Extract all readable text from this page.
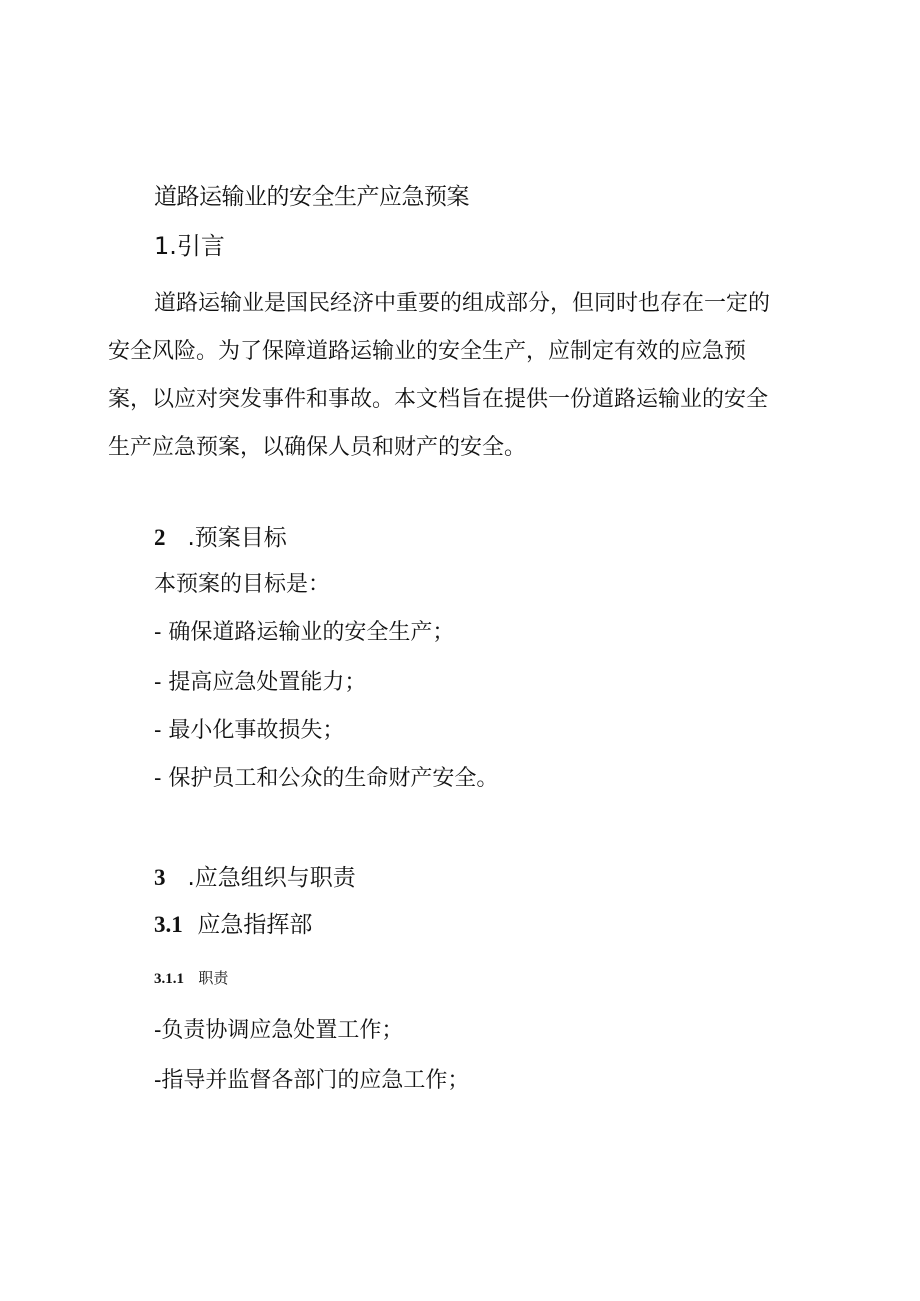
道路运输业的安全生产应急预案

1.引言

道路运输业是国民经济中重要的组成部分，但同时也存在一定的
安全风险。为了保障道路运输业的安全生产，应制定有效的应急预
案，以应对突发事件和事故。本文档旨在提供一份道路运输业的安全
生产应急预案，以确保人员和财产的安全。

2 .预案目标

本预案的目标是：

- 确保道路运输业的安全生产；

- 提高应急处置能力；

- 最小化事故损失；

- 保护员工和公众的生命财产安全。

3 .应急组织与职责

3.1 应急指挥部

3.1.1 职责

-负责协调应急处置工作；

-指导并监督各部门的应急工作；
